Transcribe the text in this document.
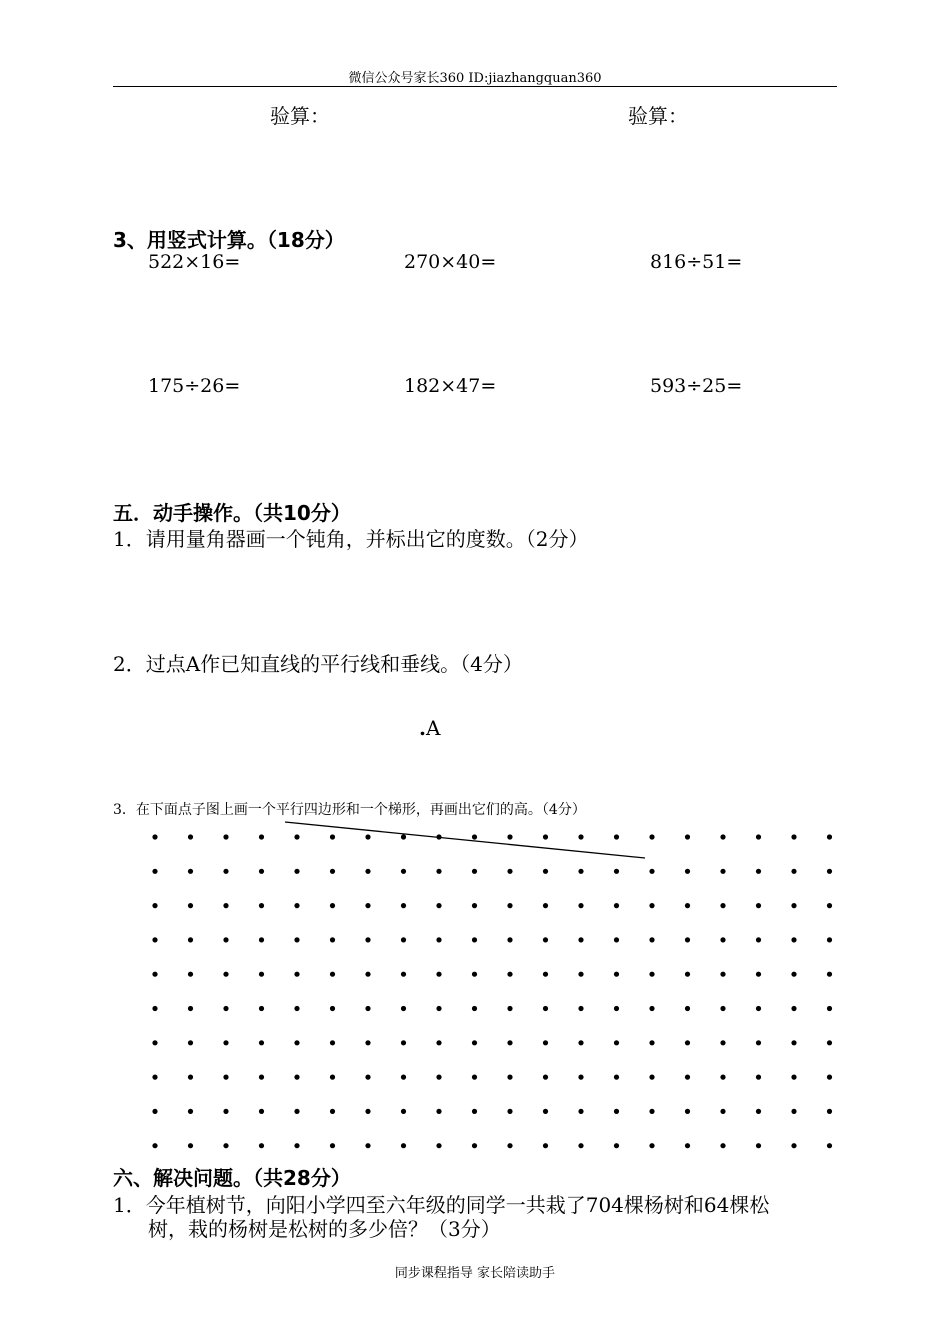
微信公众号家长360 ID:jiazhangquan360
验算：	验算：
3、用竖式计算。（18分）
522×16=	270×40=	816÷51=
175÷26=	182×47=	593÷25=
五．动手操作。（共10分）
1．请用量角器画一个钝角，并标出它的度数。（2分）
2．过点A作已知直线的平行线和垂线。（4分）
.A
3．在下面点子图上画一个平行四边形和一个梯形，再画出它们的高。（4分）
六、解决问题。（共28分）
1．今年植树节，向阳小学四至六年级的同学一共栽了704棵杨树和64棵松
树，栽的杨树是松树的多少倍？（3分）
同步课程指导 家长陪读助手
